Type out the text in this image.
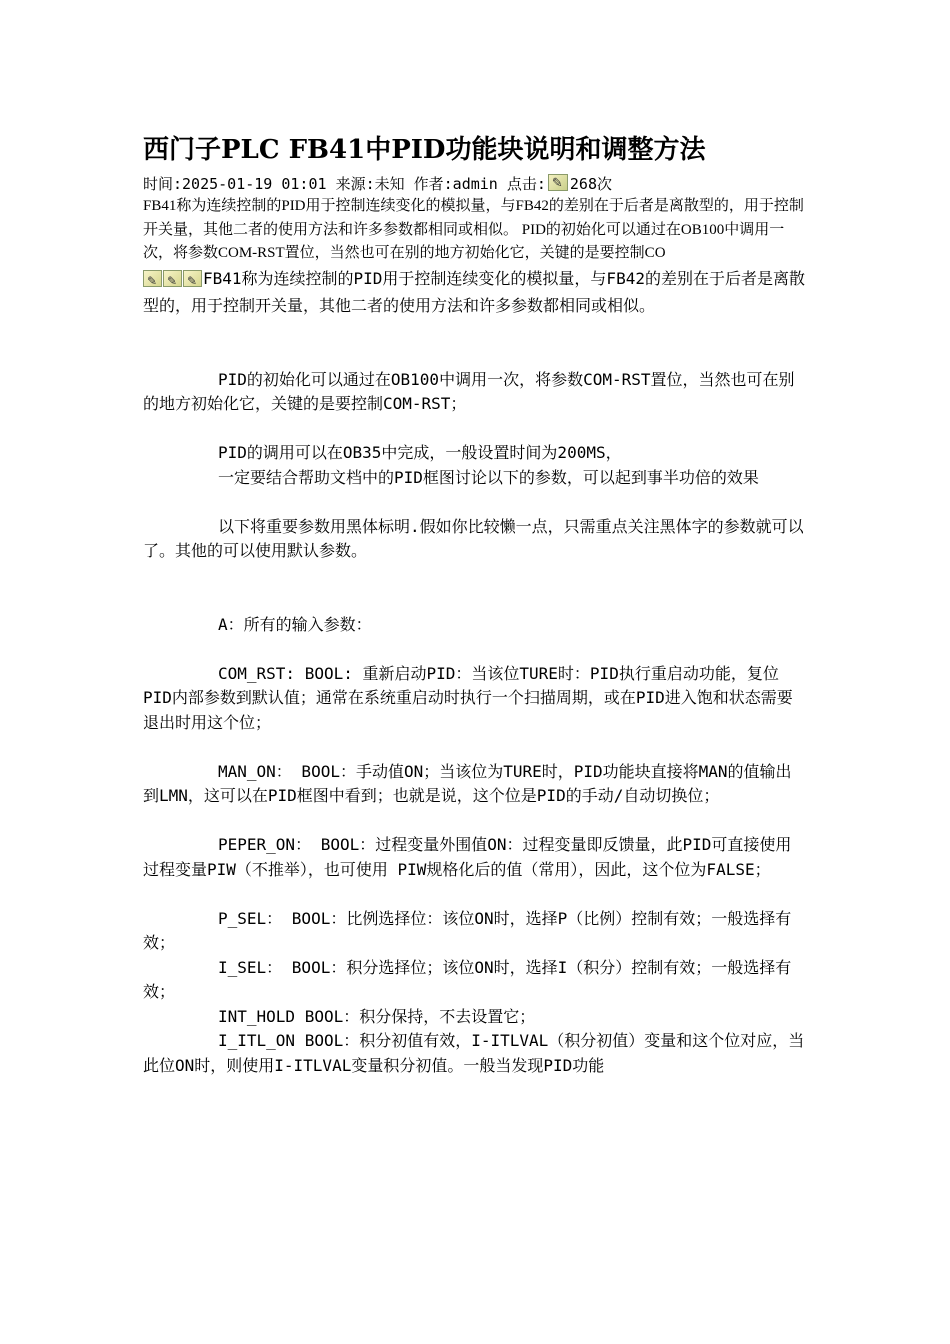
西门子PLC FB41中PID功能块说明和调整方法
时间:2025-01-19 01:01 来源:未知 作者:admin 点击:✎ 268次
FB41称为连续控制的PID用于控制连续变化的模拟量，与FB42的差别在于后者是离散型的，用于控制开关量，其他二者的使用方法和许多参数都相同或相似。 PID的初始化可以通过在OB100中调用一次，将参数COM-RST置位，当然也可在别的地方初始化它，关键的是要控制CO

✎✎✎FB41称为连续控制的PID用于控制连续变化的模拟量，与FB42的差别在于后者是离散型的，用于控制开关量，其他二者的使用方法和许多参数都相同或相似。

PID的初始化可以通过在OB100中调用一次，将参数COM-RST置位，当然也可在别的地方初始化它，关键的是要控制COM-RST；

PID的调用可以在OB35中完成，一般设置时间为200MS，

一定要结合帮助文档中的PID框图讨论以下的参数，可以起到事半功倍的效果

以下将重要参数用黑体标明.假如你比较懒一点，只需重点关注黑体字的参数就可以了。其他的可以使用默认参数。

A：所有的输入参数：

COM_RST: BOOL: 重新启动PID：当该位TURE时：PID执行重启动功能，复位PID内部参数到默认值；通常在系统重启动时执行一个扫描周期，或在PID进入饱和状态需要退出时用这个位；

MAN_ON： BOOL：手动值ON；当该位为TURE时，PID功能块直接将MAN的值输出到LMN，这可以在PID框图中看到；也就是说，这个位是PID的手动/自动切换位；

PEPER_ON： BOOL：过程变量外围值ON：过程变量即反馈量，此PID可直接使用过程变量PIW（不推举），也可使用 PIW规格化后的值（常用），因此，这个位为FALSE；

P_SEL： BOOL：比例选择位：该位ON时，选择P（比例）控制有效；一般选择有效；

I_SEL： BOOL：积分选择位；该位ON时，选择I（积分）控制有效；一般选择有效；

INT_HOLD BOOL：积分保持，不去设置它；

I_ITL_ON BOOL：积分初值有效，I-ITLVAL（积分初值）变量和这个位对应，当此位ON时，则使用I-ITLVAL变量积分初值。一般当发现PID功能
